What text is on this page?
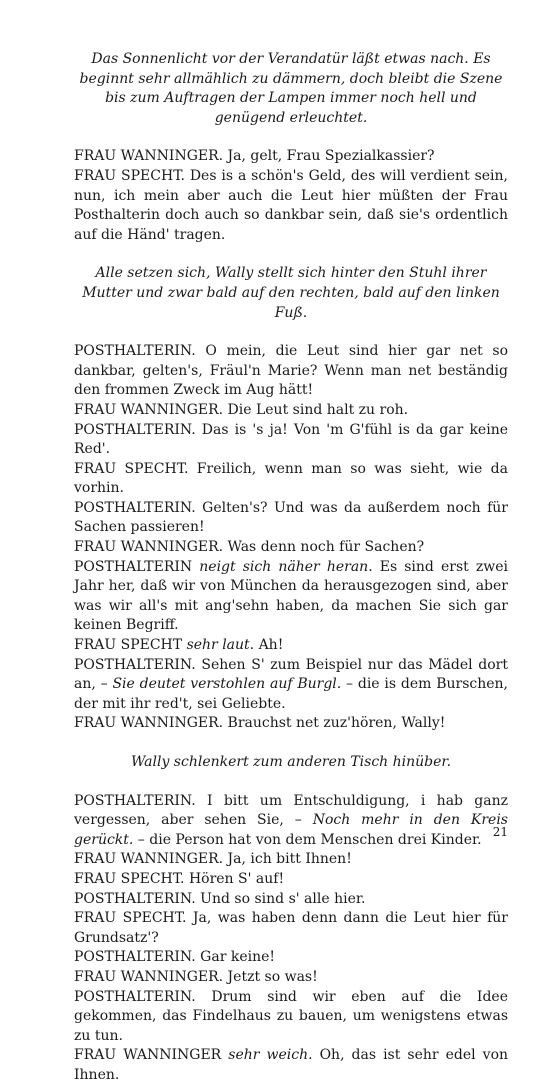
Das Sonnenlicht vor der Verandatür läßt etwas nach. Es beginnt sehr allmählich zu dämmern, doch bleibt die Szene bis zum Auftragen der Lampen immer noch hell und genügend erleuchtet.

FRAU WANNINGER. Ja, gelt, Frau Spezialkassier?

FRAU SPECHT. Des is a schön's Geld, des will verdient sein, nun, ich mein aber auch die Leut hier müßten der Frau Posthalterin doch auch so dankbar sein, daß sie's ordentlich auf die Händ' tragen.

Alle setzen sich, Wally stellt sich hinter den Stuhl ihrer Mutter und zwar bald auf den rechten, bald auf den linken Fuß.

POSTHALTERIN. O mein, die Leut sind hier gar net so dankbar, gelten's, Fräul'n Marie? Wenn man net beständig den frommen Zweck im Aug hätt!

FRAU WANNINGER. Die Leut sind halt zu roh.

POSTHALTERIN. Das is 's ja! Von 'm G'fühl is da gar keine Red'.

FRAU SPECHT. Freilich, wenn man so was sieht, wie da vorhin.

POSTHALTERIN. Gelten's? Und was da außerdem noch für Sachen passieren!

FRAU WANNINGER. Was denn noch für Sachen?

POSTHALTERIN neigt sich näher heran. Es sind erst zwei Jahr her, daß wir von München da herausgezogen sind, aber was wir all's mit ang'sehn haben, da machen Sie sich gar keinen Begriff.

FRAU SPECHT sehr laut. Ah!

POSTHALTERIN. Sehen S' zum Beispiel nur das Mädel dort an, – Sie deutet verstohlen auf Burgl. – die is dem Burschen, der mit ihr red't, sei Geliebte.

FRAU WANNINGER. Brauchst net zuz'hören, Wally!

Wally schlenkert zum anderen Tisch hinüber.

POSTHALTERIN. I bitt um Entschuldigung, i hab ganz vergessen, aber sehen Sie, – Noch mehr in den Kreis gerückt. – die Person hat von dem Menschen drei Kinder.

FRAU WANNINGER. Ja, ich bitt Ihnen!

FRAU SPECHT. Hören S' auf!

POSTHALTERIN. Und so sind s' alle hier.

FRAU SPECHT. Ja, was haben denn dann die Leut hier für Grundsatz'?

POSTHALTERIN. Gar keine!

FRAU WANNINGER. Jetzt so was!

POSTHALTERIN. Drum sind wir eben auf die Idee gekommen, das Findelhaus zu bauen, um wenigstens etwas zu tun.

FRAU WANNINGER sehr weich. Oh, das ist sehr edel von Ihnen.

21
